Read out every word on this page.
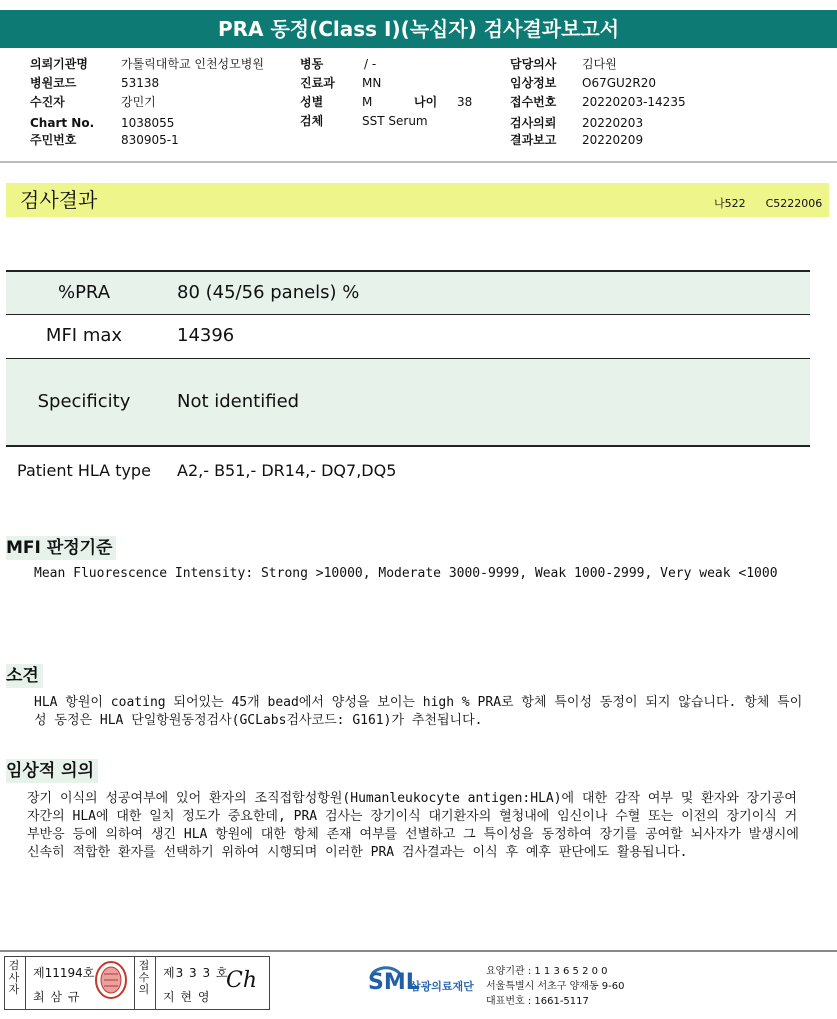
PRA 동정(Class I)(녹십자) 검사결과보고서
의뢰기관명	가톨릭대학교 인천성모병원
병원코드	53138
수진자	강민기
Chart No. 1038055
주민번호	830905-1
병동	/ -
진료과 MN
성별	M	나이 38
검체	SST Serum
담당의사 김다원
임상정보 O67GU2R20
접수번호 20220203-14235
검사의뢰 20220203
결과보고 20220209
검사결과	나522 C5222006
%PRA	80 (45/56 panels) %
MFI max	14396
Specificity	Not identified
Patient HLA type	A2,- B51,- DR14,- DQ7,DQ5
MFI 판정기준
Mean Fluorescence Intensity: Strong >10000, Moderate 3000-9999, Weak 1000-2999, Very weak <1000
소견
HLA 항원이 coating 되어있는 45개 bead에서 양성을 보이는 high % PRA로 항체 특이성 동정이 되지 않습니다. 항체 특이성 동정은 HLA 단일항원동정검사(GCLabs검사코드: G161)가 추천됩니다.
임상적 의의
장기 이식의 성공여부에 있어 환자의 조직접합성항원(Humanleukocyte antigen:HLA)에 대한 감작 여부 및 환자와 장기공여자간의 HLA에 대한 일치 정도가 중요한데, PRA 검사는 장기이식 대기환자의 혈청내에 임신이나 수혈 또는 이전의 장기이식 거부반응 등에 의하여 생긴 HLA 항원에 대한 항체 존재 여부를 선별하고 그 특이성을 동정하여 장기를 공여할 뇌사자가 발생시에 신속히 적합한 환자를 선택하기 위하여 시행되며 이러한 PRA 검사결과는 이식 후 예후 판단에도 활용됩니다.
검
사
자
제11194호
최 삼 규
접
수
의
제3 3 3 호
지 현 영
Ch	SML
삼광의료재단
요양기관 : 1 1 3 6 5 2 0 0
서울특별시 서초구 양재동 9-60
대표번호 : 1661-5117
